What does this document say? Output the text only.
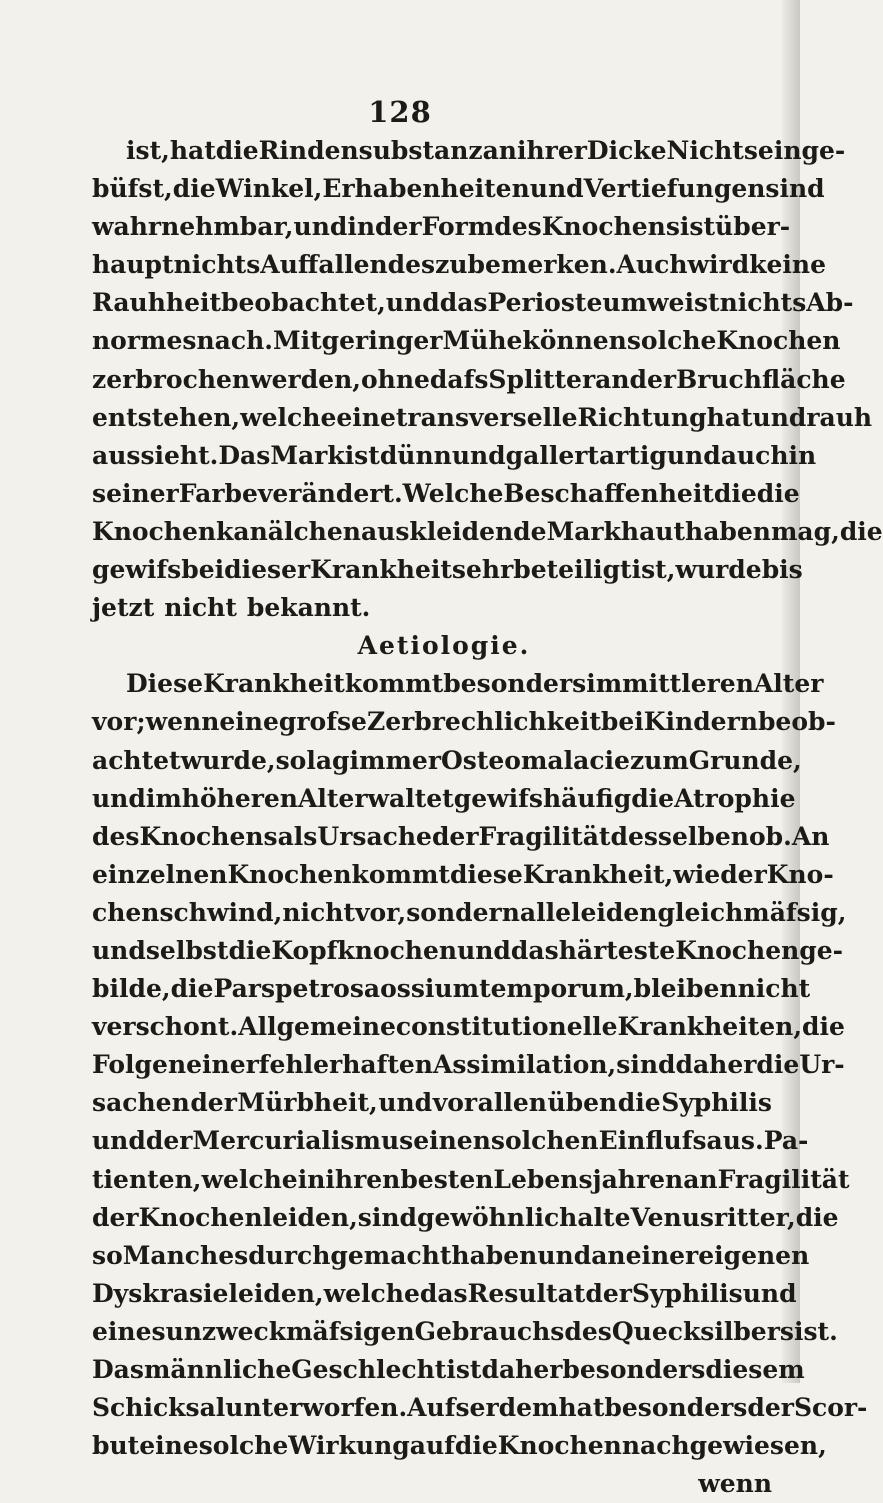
128
ist, hat die Rindensubstanz an ihrer Dicke Nichts einge-
büfst, die Winkel, Erhabenheiten und Vertiefungen sind
wahrnehmbar, und in der Form des Knochens ist über-
haupt nichts Auffallendes zu bemerken. Auch wird keine
Rauhheit beobachtet, und das Periosteum weist nichts Ab-
normes nach. Mit geringer Mühe können solche Knochen
zerbrochen werden, ohne dafs Splitter an der Bruchfläche
entstehen, welche eine transverselle Richtung hat und rauh
aussieht. Das Mark ist dünn und gallertartig und auch in
seiner Farbe verändert. Welche Beschaffenheit die die
Knochenkanälchen auskleidende Markhaut haben mag, die
gewifs bei dieser Krankheit sehr beteiligt ist, wurde bis
jetzt nicht bekannt.
Aetiologie.
Diese Krankheit kommt besonders im mittleren Alter
vor; wenn eine grofse Zerbrechlichkeit bei Kindern beob-
achtet wurde, so lag immer Osteomalacie zum Grunde,
und im höheren Alter waltet gewifs häufig die Atrophie
des Knochens als Ursache der Fragilität desselben ob. An
einzelnen Knochen kommt diese Krankheit, wie der Kno-
chenschwind, nicht vor, sondern alle leiden gleichmäfsig,
und selbst die Kopfknochen und das härteste Knochenge-
bilde, die Pars petrosa ossium temporum, bleiben nicht
verschont. Allgemeine constitutionelle Krankheiten, die
Folgen einer fehlerhaften Assimilation, sind daher die Ur-
sachen der Mürbheit, und vor allen üben die Syphilis
und der Mercurialismus einen solchen Einflufs aus. Pa-
tienten, welche in ihren besten Lebensjahren an Fragilität
der Knochen leiden, sind gewöhnlich alte Venusritter, die
so Manches durchgemacht haben und an einer eigenen
Dyskrasie leiden, welche das Resultat der Syphilis und
eines unzweckmäfsigen Gebrauchs des Quecksilbers ist.
Das männliche Geschlecht ist daher besonders diesem
Schicksal unterworfen. Aufserdem hat besonders der Scor-
but eine solche Wirkung auf die Knochen nachgewiesen,
wenn
